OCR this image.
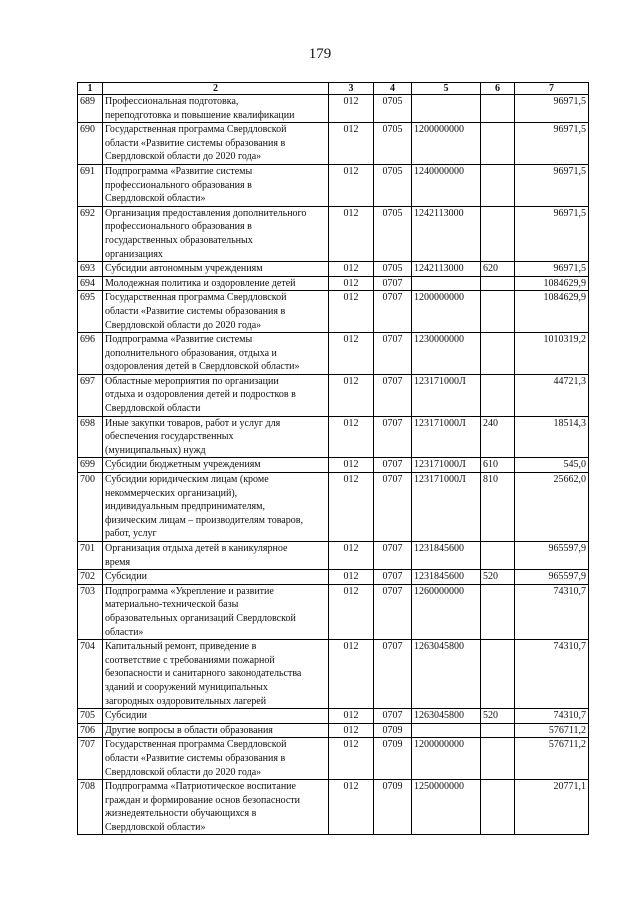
179
1	2	3	4	5	6	7
689	Профессиональная подготовка,
переподготовка и повышение квалификации	012	0705			96971,5
690	Государственная программа Свердловской
области «Развитие системы образования в
Свердловской области до 2020 года»	012	0705	1200000000		96971,5
691	Подпрограмма «Развитие системы
профессионального образования в
Свердловской области»	012	0705	1240000000		96971,5
692	Организация предоставления дополнительного
профессионального образования в
государственных образовательных
организациях	012	0705	1242113000		96971,5
693	Субсидии автономным учреждениям	012	0705	1242113000	620	96971,5
694	Молодежная политика и оздоровление детей	012	0707			1084629,9
695	Государственная программа Свердловской
области «Развитие системы образования в
Свердловской области до 2020 года»	012	0707	1200000000		1084629,9
696	Подпрограмма «Развитие системы
дополнительного образования, отдыха и
оздоровления детей в Свердловской области»	012	0707	1230000000		1010319,2
697	Областные мероприятия по организации
отдыха и оздоровления детей и подростков в
Свердловской области	012	0707	123171000Л		44721,3
698	Иные закупки товаров, работ и услуг для
обеспечения государственных
(муниципальных) нужд	012	0707	123171000Л	240	18514,3
699	Субсидии бюджетным учреждениям	012	0707	123171000Л	610	545,0
700	Субсидии юридическим лицам (кроме
некоммерческих организаций),
индивидуальным предпринимателям,
физическим лицам – производителям товаров,
работ, услуг	012	0707	123171000Л	810	25662,0
701	Организация отдыха детей в каникулярное
время	012	0707	1231845600		965597,9
702	Субсидии	012	0707	1231845600	520	965597,9
703	Подпрограмма «Укрепление и развитие
материально-технической базы
образовательных организаций Свердловской
области»	012	0707	1260000000		74310,7
704	Капитальный ремонт, приведение в
соответствие с требованиями пожарной
безопасности и санитарного законодательства
зданий и сооружений муниципальных
загородных оздоровительных лагерей	012	0707	1263045800		74310,7
705	Субсидии	012	0707	1263045800	520	74310,7
706	Другие вопросы в области образования	012	0709			576711,2
707	Государственная программа Свердловской
области «Развитие системы образования в
Свердловской области до 2020 года»	012	0709	1200000000		576711,2
708	Подпрограмма «Патриотическое воспитание
граждан и формирование основ безопасности
жизнедеятельности обучающихся в
Свердловской области»	012	0709	1250000000		20771,1
